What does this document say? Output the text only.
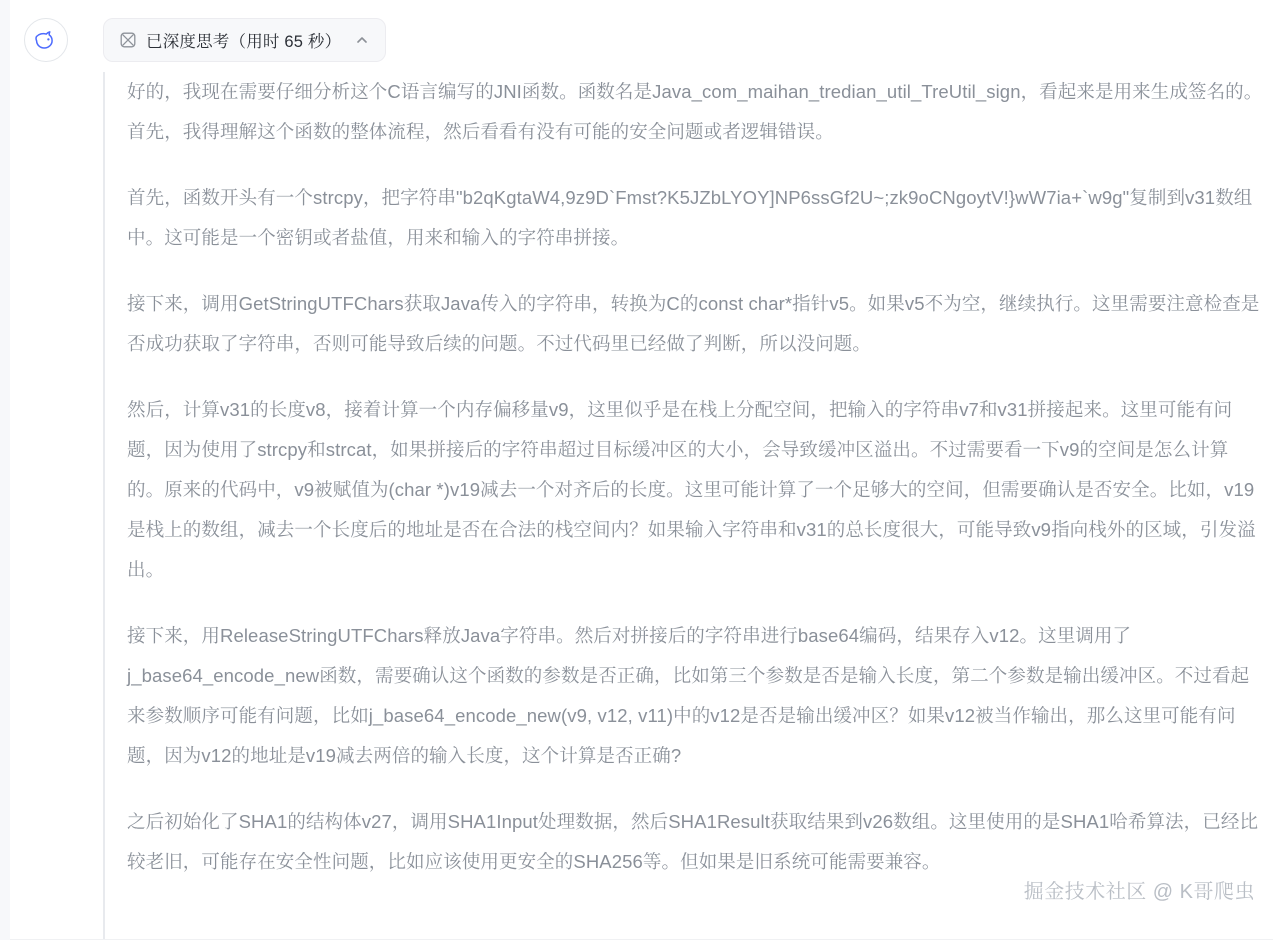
已深度思考（用时 65 秒）

好的，我现在需要仔细分析这个C语言编写的JNI函数。函数名是Java_com_maihan_tredian_util_TreUtil_sign，看起来是用来生成签名的。首先，我得理解这个函数的整体流程，然后看看有没有可能的安全问题或者逻辑错误。

首先，函数开头有一个strcpy，把字符串"b2qKgtaW4,9z9D`Fmst?K5JZbLYOY]NP6ssGf2U~;zk9oCNgoytV!}wW7ia+`w9g"复制到v31数组中。这可能是一个密钥或者盐值，用来和输入的字符串拼接。

接下来，调用GetStringUTFChars获取Java传入的字符串，转换为C的const char*指针v5。如果v5不为空，继续执行。这里需要注意检查是否成功获取了字符串，否则可能导致后续的问题。不过代码里已经做了判断，所以没问题。

然后，计算v31的长度v8，接着计算一个内存偏移量v9，这里似乎是在栈上分配空间，把输入的字符串v7和v31拼接起来。这里可能有问题，因为使用了strcpy和strcat，如果拼接后的字符串超过目标缓冲区的大小，会导致缓冲区溢出。不过需要看一下v9的空间是怎么计算的。原来的代码中，v9被赋值为(char *)v19减去一个对齐后的长度。这里可能计算了一个足够大的空间，但需要确认是否安全。比如，v19是栈上的数组，减去一个长度后的地址是否在合法的栈空间内？如果输入字符串和v31的总长度很大，可能导致v9指向栈外的区域，引发溢出。

接下来，用ReleaseStringUTFChars释放Java字符串。然后对拼接后的字符串进行base64编码，结果存入v12。这里调用了j_base64_encode_new函数，需要确认这个函数的参数是否正确，比如第三个参数是否是输入长度，第二个参数是输出缓冲区。不过看起来参数顺序可能有问题，比如j_base64_encode_new(v9, v12, v11)中的v12是否是输出缓冲区？如果v12被当作输出，那么这里可能有问题，因为v12的地址是v19减去两倍的输入长度，这个计算是否正确?

之后初始化了SHA1的结构体v27，调用SHA1Input处理数据，然后SHA1Result获取结果到v26数组。这里使用的是SHA1哈希算法，已经比较老旧，可能存在安全性问题，比如应该使用更安全的SHA256等。但如果是旧系统可能需要兼容。

掘金技术社区 @ K哥爬虫
